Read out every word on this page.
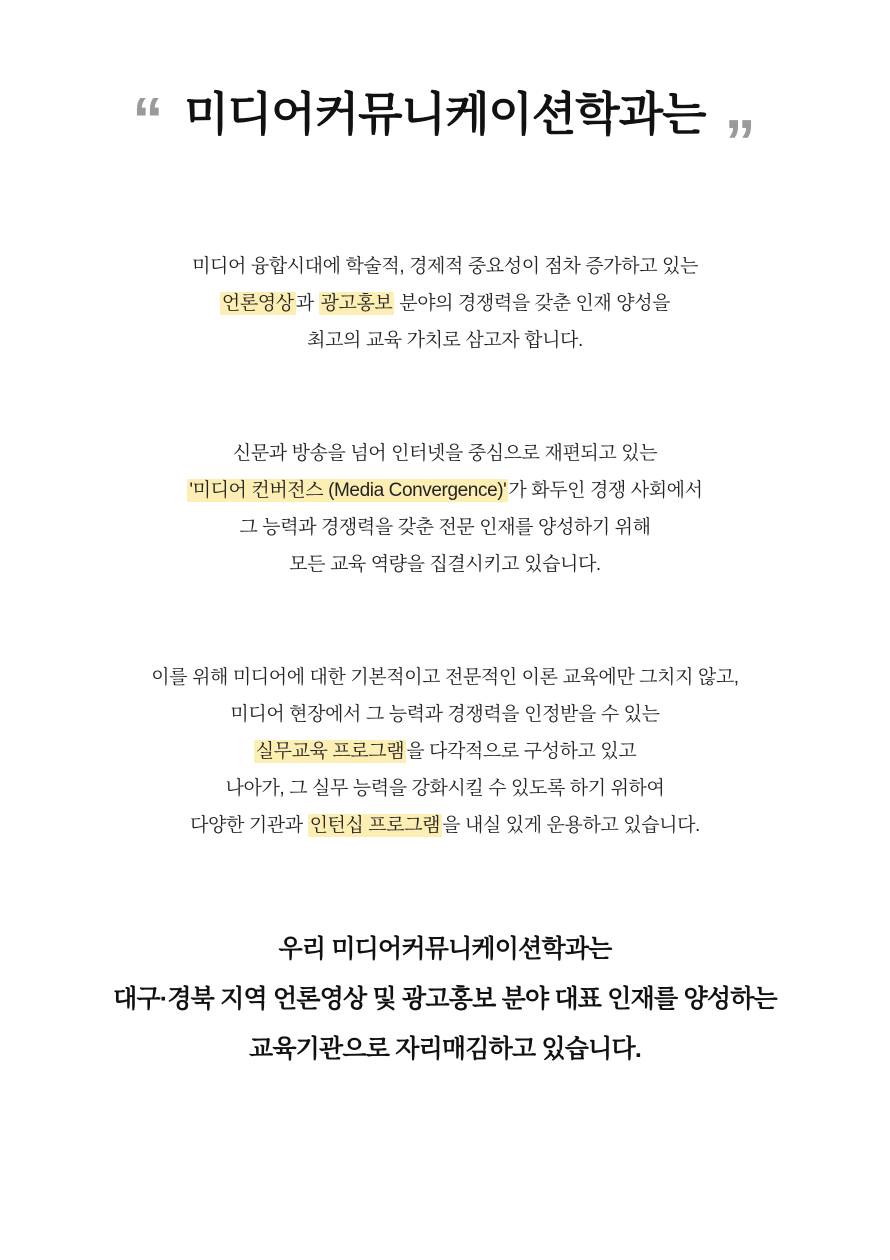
“ 미디어커뮤니케이션학과는 ”
미디어 융합시대에 학술적, 경제적 중요성이 점차 증가하고 있는
언론영상 과 광고홍보 분야의 경쟁력을 갖춘 인재 양성을
최고의 교육 가치로 삼고자 합니다.
신문과 방송을 넘어 인터넷을 중심으로 재편되고 있는
'미디어 컨버전스 (Media Convergence)' 가 화두인 경쟁 사회에서
그 능력과 경쟁력을 갖춘 전문 인재를 양성하기 위해
모든 교육 역량을 집결시키고 있습니다.
이를 위해 미디어에 대한 기본적이고 전문적인 이론 교육에만 그치지 않고,
미디어 현장에서 그 능력과 경쟁력을 인정받을 수 있는
실무교육 프로그램 을 다각적으로 구성하고 있고
나아가, 그 실무 능력을 강화시킬 수 있도록 하기 위하여
다양한 기관과 인턴십 프로그램 을 내실 있게 운용하고 있습니다.
우리 미디어커뮤니케이션학과는
대구·경북 지역 언론영상 및 광고홍보 분야 대표 인재를 양성하는
교육기관으로 자리매김하고 있습니다.
